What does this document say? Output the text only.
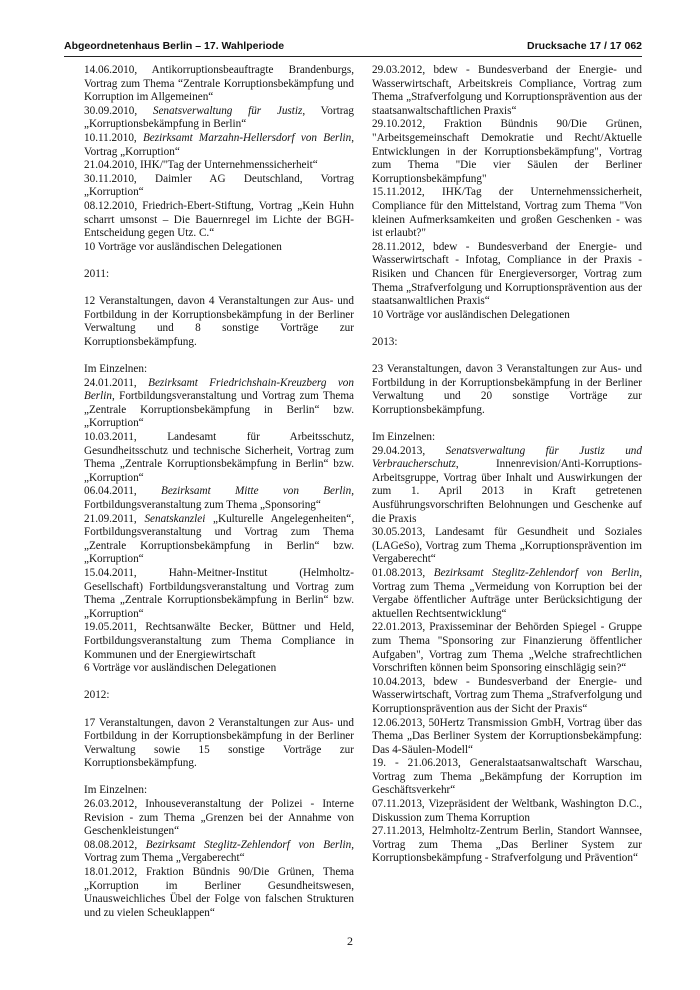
Abgeordnetenhaus Berlin – 17. Wahlperiode	Drucksache 17 / 17 062

14.06.2010, Antikorruptionsbeauftragte Brandenburgs, Vortrag zum Thema “Zentrale Korruptionsbekämpfung und Korruption im Allgemeinen“

30.09.2010, Senatsverwaltung für Justiz, Vortrag „Korruptionsbekämpfung in Berlin“

10.11.2010, Bezirksamt Marzahn-Hellersdorf von Berlin, Vortrag „Korruption“

21.04.2010, IHK/"Tag der Unternehmenssicherheit“

30.11.2010, Daimler AG Deutschland, Vortrag „Korruption“

08.12.2010, Friedrich-Ebert-Stiftung, Vortrag „Kein Huhn scharrt umsonst – Die Bauernregel im Lichte der BGH-Entscheidung gegen Utz. C.“

10 Vorträge vor ausländischen Delegationen

2011:

12 Veranstaltungen, davon 4 Veranstaltungen zur Aus- und Fortbildung in der Korruptionsbekämpfung in der Berliner Verwaltung und 8 sonstige Vorträge zur Korruptionsbekämpfung.

Im Einzelnen:

24.01.2011, Bezirksamt Friedrichshain-Kreuzberg von Berlin, Fortbildungsveranstaltung und Vortrag zum Thema „Zentrale Korruptionsbekämpfung in Berlin“ bzw. „Korruption“

10.03.2011, Landesamt für Arbeitsschutz, Gesundheitsschutz und technische Sicherheit, Vortrag zum Thema „Zentrale Korruptionsbekämpfung in Berlin“ bzw. „Korruption“

06.04.2011, Bezirksamt Mitte von Berlin, Fortbildungsveranstaltung zum Thema „Sponsoring“

21.09.2011, Senatskanzlei „Kulturelle Angelegenheiten“, Fortbildungsveranstaltung und Vortrag zum Thema „Zentrale Korruptionsbekämpfung in Berlin“ bzw. „Korruption“

15.04.2011, Hahn-Meitner-Institut (Helmholtz-Gesellschaft) Fortbildungsveranstaltung und Vortrag zum Thema „Zentrale Korruptionsbekämpfung in Berlin“ bzw. „Korruption“

19.05.2011, Rechtsanwälte Becker, Büttner und Held, Fortbildungsveranstaltung zum Thema Compliance in Kommunen und der Energiewirtschaft

6 Vorträge vor ausländischen Delegationen

2012:

17 Veranstaltungen, davon 2 Veranstaltungen zur Aus- und Fortbildung in der Korruptionsbekämpfung in der Berliner Verwaltung sowie 15 sonstige Vorträge zur Korruptionsbekämpfung.

Im Einzelnen:

26.03.2012, Inhouseveranstaltung der Polizei - Interne Revision - zum Thema „Grenzen bei der Annahme von Geschenkleistungen“

08.08.2012, Bezirksamt Steglitz-Zehlendorf von Berlin, Vortrag zum Thema „Vergaberecht“

18.01.2012, Fraktion Bündnis 90/Die Grünen, Thema „Korruption im Berliner Gesundheitswesen, Unausweichliches Übel der Folge von falschen Strukturen und zu vielen Scheuklappen“

29.03.2012, bdew - Bundesverband der Energie- und Wasserwirtschaft, Arbeitskreis Compliance, Vortrag zum Thema „Strafverfolgung und Korruptionsprävention aus der staatsanwaltschaftlichen Praxis“

29.10.2012, Fraktion Bündnis 90/Die Grünen, "Arbeitsgemeinschaft Demokratie und Recht/Aktuelle Entwicklungen in der Korruptionsbekämpfung", Vortrag zum Thema "Die vier Säulen der Berliner Korruptionsbekämpfung"

15.11.2012, IHK/Tag der Unternehmenssicherheit, Compliance für den Mittelstand, Vortrag zum Thema "Von kleinen Aufmerksamkeiten und großen Geschenken - was ist erlaubt?"

28.11.2012, bdew - Bundesverband der Energie- und Wasserwirtschaft - Infotag, Compliance in der Praxis - Risiken und Chancen für Energieversorger, Vortrag zum Thema „Strafverfolgung und Korruptionsprävention aus der staatsanwaltlichen Praxis“

10 Vorträge vor ausländischen Delegationen

2013:

23 Veranstaltungen, davon 3 Veranstaltungen zur Aus- und Fortbildung in der Korruptionsbekämpfung in der Berliner Verwaltung und 20 sonstige Vorträge zur Korruptionsbekämpfung.

Im Einzelnen:

29.04.2013, Senatsverwaltung für Justiz und Verbraucherschutz, Innenrevision/Anti-Korruptions-Arbeitsgruppe, Vortrag über Inhalt und Auswirkungen der zum 1. April 2013 in Kraft getretenen Ausführungsvorschriften Belohnungen und Geschenke auf die Praxis

30.05.2013, Landesamt für Gesundheit und Soziales (LAGeSo), Vortrag zum Thema „Korruptionsprävention im Vergaberecht“

01.08.2013, Bezirksamt Steglitz-Zehlendorf von Berlin, Vortrag zum Thema „Vermeidung von Korruption bei der Vergabe öffentlicher Aufträge unter Berücksichtigung der aktuellen Rechtsentwicklung“

22.01.2013, Praxisseminar der Behörden Spiegel - Gruppe zum Thema "Sponsoring zur Finanzierung öffentlicher Aufgaben", Vortrag zum Thema „Welche strafrechtlichen Vorschriften können beim Sponsoring einschlägig sein?“

10.04.2013, bdew - Bundesverband der Energie- und Wasserwirtschaft, Vortrag zum Thema „Strafverfolgung und Korruptionsprävention aus der Sicht der Praxis“

12.06.2013, 50Hertz Transmission GmbH, Vortrag über das Thema „Das Berliner System der Korruptionsbekämpfung: Das 4-Säulen-Modell“

19. - 21.06.2013, Generalstaatsanwaltschaft Warschau, Vortrag zum Thema „Bekämpfung der Korruption im Geschäftsverkehr“

07.11.2013, Vizepräsident der Weltbank, Washington D.C., Diskussion zum Thema Korruption

27.11.2013, Helmholtz-Zentrum Berlin, Standort Wannsee, Vortrag zum Thema „Das Berliner System zur Korruptionsbekämpfung - Strafverfolgung und Prävention“

2
